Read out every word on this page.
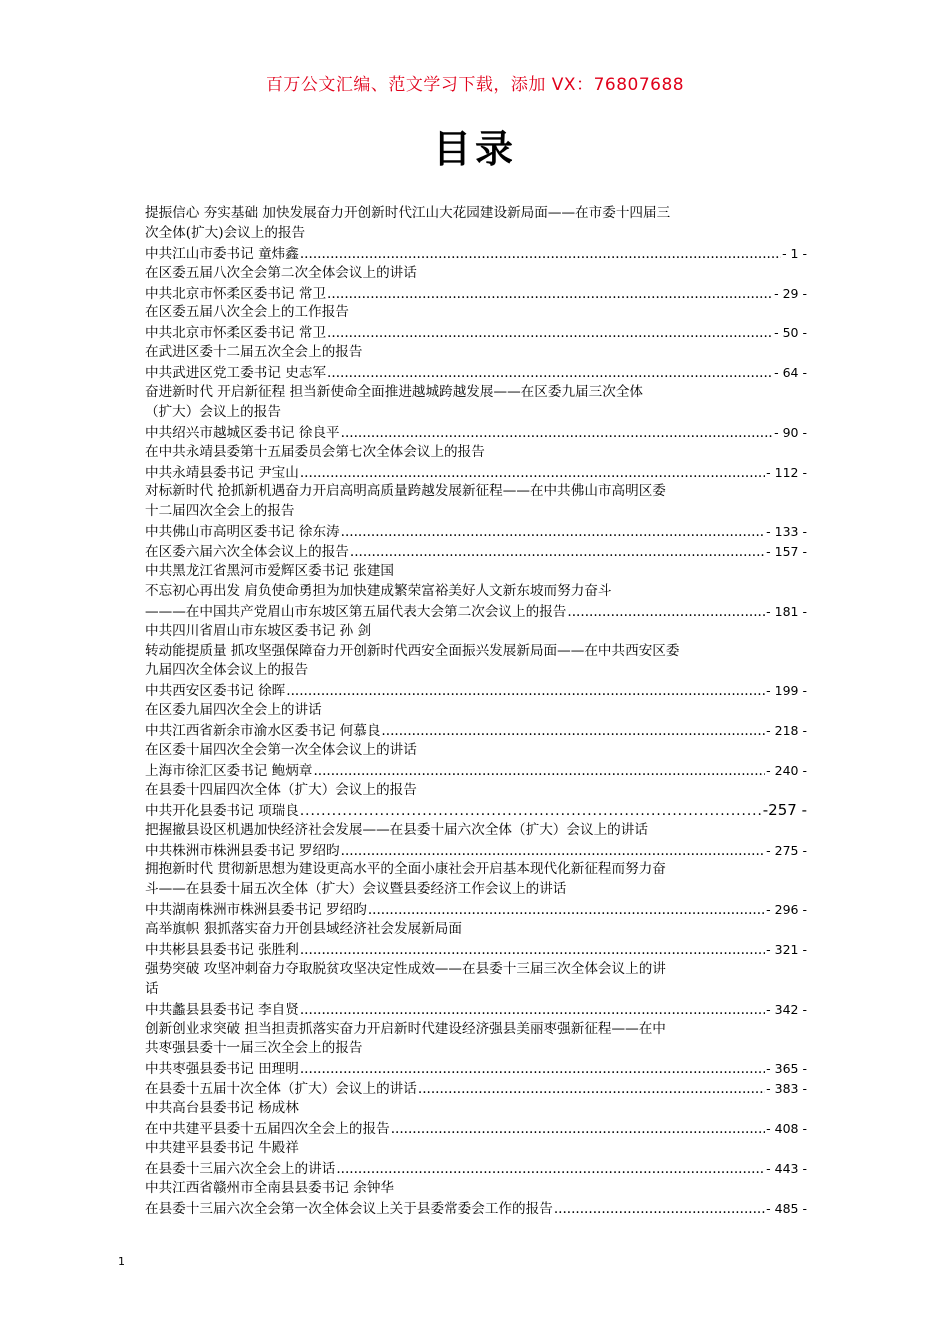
百万公文汇编、范文学习下载，添加 VX：76807688
目录
提振信心 夯实基础 加快发展奋力开创新时代江山大花园建设新局面——在市委十四届三
次全体(扩大)会议上的报告
中共江山市委书记 童炜鑫 .....	- 1 -
在区委五届八次全会第二次全体会议上的讲话
中共北京市怀柔区委书记 常卫 .....	- 29 -
在区委五届八次全会上的工作报告
中共北京市怀柔区委书记 常卫 .....	- 50 -
在武进区委十二届五次全会上的报告
中共武进区党工委书记 史志军 .....	- 64 -
奋进新时代 开启新征程 担当新使命全面推进越城跨越发展——在区委九届三次全体
（扩大）会议上的报告
中共绍兴市越城区委书记 徐良平 .....	- 90 -
在中共永靖县委第十五届委员会第七次全体会议上的报告
中共永靖县委书记 尹宝山 .....	- 112 -
对标新时代 抢抓新机遇奋力开启高明高质量跨越发展新征程——在中共佛山市高明区委
十二届四次全会上的报告
中共佛山市高明区委书记 徐东涛 .....	- 133 -
在区委六届六次全体会议上的报告 .....	- 157 -
中共黑龙江省黑河市爱辉区委书记 张建国
不忘初心再出发 肩负使命勇担为加快建成繁荣富裕美好人文新东坡而努力奋斗
———在中国共产党眉山市东坡区第五届代表大会第二次会议上的报告 .....	- 181 -
中共四川省眉山市东坡区委书记 孙 剑
转动能提质量 抓攻坚强保障奋力开创新时代西安全面振兴发展新局面——在中共西安区委
九届四次全体会议上的报告
中共西安区委书记 徐晖 .....	- 199 -
在区委九届四次全会上的讲话
中共江西省新余市渝水区委书记 何慕良 .....	- 218 -
在区委十届四次全会第一次全体会议上的讲话
上海市徐汇区委书记 鲍炳章 .....	- 240 -
在县委十四届四次全体（扩大）会议上的报告
中共开化县委书记 项瑞良 .....	-257 -
把握撤县设区机遇加快经济社会发展——在县委十届六次全体（扩大）会议上的讲话
中共株洲市株洲县委书记 罗绍昀 .....	- 275 -
拥抱新时代 贯彻新思想为建设更高水平的全面小康社会开启基本现代化新征程而努力奋
斗——在县委十届五次全体（扩大）会议暨县委经济工作会议上的讲话
中共湖南株洲市株洲县委书记 罗绍昀 .....	- 296 -
高举旗帜 狠抓落实奋力开创县域经济社会发展新局面
中共彬县县委书记 张胜利 .....	- 321 -
强势突破 攻坚冲刺奋力夺取脱贫攻坚决定性成效——在县委十三届三次全体会议上的讲
话
中共蠡县县委书记 李自贤 .....	- 342 -
创新创业求突破 担当担责抓落实奋力开启新时代建设经济强县美丽枣强新征程——在中
共枣强县委十一届三次全会上的报告
中共枣强县委书记 田理明 .....	- 365 -
在县委十五届十次全体（扩大）会议上的讲话 .....	- 383 -
中共高台县委书记 杨成林
在中共建平县委十五届四次全会上的报告 .....	- 408 -
中共建平县委书记 牛殿祥
在县委十三届六次全会上的讲话 .....	- 443 -
中共江西省赣州市全南县县委书记 余钟华
在县委十三届六次全会第一次全体会议上关于县委常委会工作的报告 .....	- 485 -
1
